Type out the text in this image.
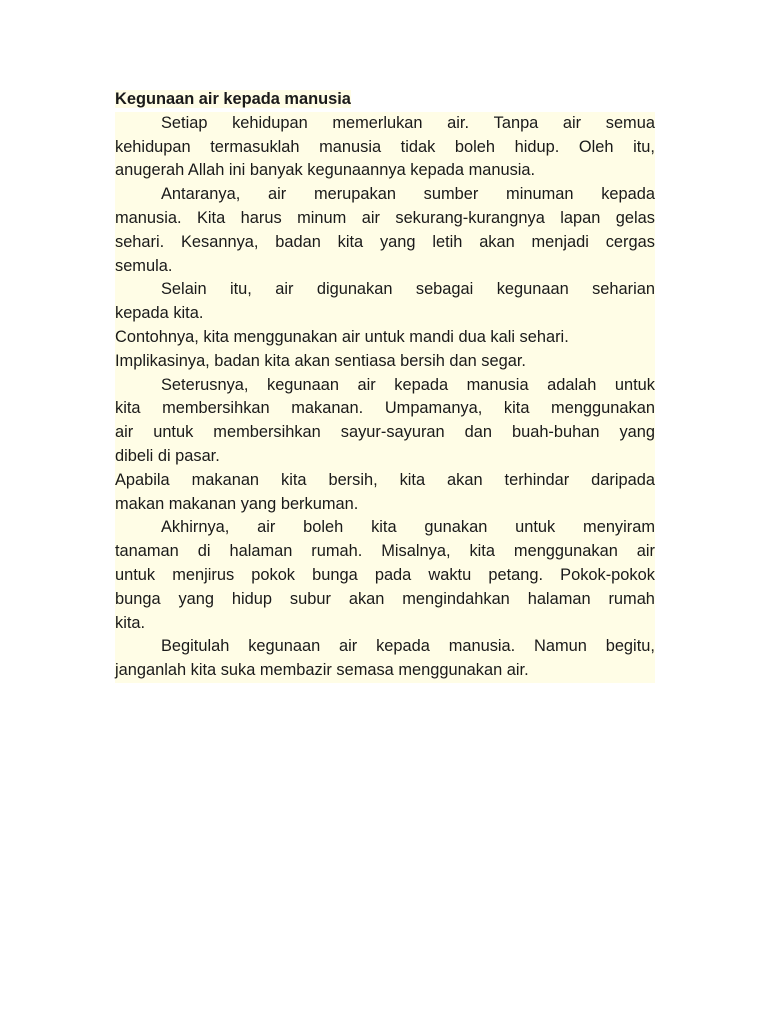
Kegunaan air kepada manusia
Setiap kehidupan memerlukan air. Tanpa air semua
kehidupan termasuklah manusia tidak boleh hidup. Oleh itu,
anugerah Allah ini banyak kegunaannya kepada manusia.
Antaranya, air merupakan sumber minuman kepada
manusia. Kita harus minum air sekurang-kurangnya lapan gelas
sehari. Kesannya, badan kita yang letih akan menjadi cergas
semula.
Selain itu, air digunakan sebagai kegunaan seharian
kepada kita.
Contohnya, kita menggunakan air untuk mandi dua kali sehari.
Implikasinya, badan kita akan sentiasa bersih dan segar.
Seterusnya, kegunaan air kepada manusia adalah untuk
kita membersihkan makanan. Umpamanya, kita menggunakan
air untuk membersihkan sayur-sayuran dan buah-buhan yang
dibeli di pasar.
Apabila makanan kita bersih, kita akan terhindar daripada
makan makanan yang berkuman.
Akhirnya, air boleh kita gunakan untuk menyiram
tanaman di halaman rumah. Misalnya, kita menggunakan air
untuk menjirus pokok bunga pada waktu petang. Pokok-pokok
bunga yang hidup subur akan mengindahkan halaman rumah
kita.
Begitulah kegunaan air kepada manusia. Namun begitu,
janganlah kita suka membazir semasa menggunakan air.
